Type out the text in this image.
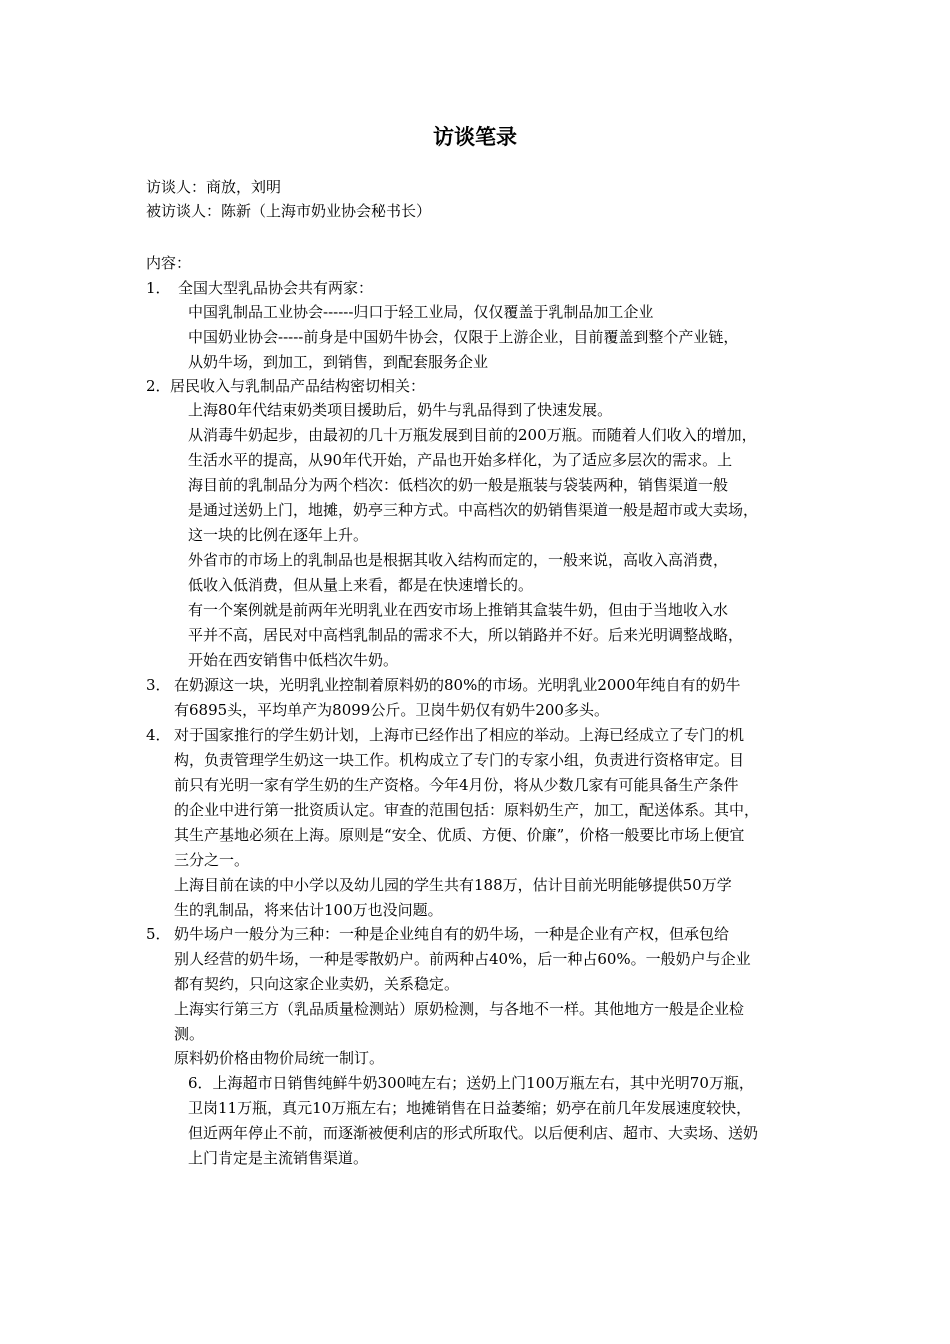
访谈笔录
访谈人：商放，刘明
被访谈人：陈新（上海市奶业协会秘书长）
内容：
1． 全国大型乳品协会共有两家：
中国乳制品工业协会------归口于轻工业局，仅仅覆盖于乳制品加工企业
中国奶业协会-----前身是中国奶牛协会，仅限于上游企业，目前覆盖到整个产业链，
从奶牛场，到加工，到销售，到配套服务企业
2． 居民收入与乳制品产品结构密切相关：
上海80年代结束奶类项目援助后，奶牛与乳品得到了快速发展。
从消毒牛奶起步，由最初的几十万瓶发展到目前的200万瓶。而随着人们收入的增加，
生活水平的提高，从90年代开始，产品也开始多样化，为了适应多层次的需求。上
海目前的乳制品分为两个档次：低档次的奶一般是瓶装与袋装两种，销售渠道一般
是通过送奶上门，地摊，奶亭三种方式。中高档次的奶销售渠道一般是超市或大卖场，
这一块的比例在逐年上升。
外省市的市场上的乳制品也是根据其收入结构而定的，一般来说，高收入高消费，
低收入低消费，但从量上来看，都是在快速增长的。
有一个案例就是前两年光明乳业在西安市场上推销其盒装牛奶，但由于当地收入水
平并不高，居民对中高档乳制品的需求不大，所以销路并不好。后来光明调整战略，
开始在西安销售中低档次牛奶。
3． 在奶源这一块，光明乳业控制着原料奶的80%的市场。光明乳业2000年纯自有的奶牛
有6895头，平均单产为8099公斤。卫岗牛奶仅有奶牛200多头。
4． 对于国家推行的学生奶计划，上海市已经作出了相应的举动。上海已经成立了专门的机
构，负责管理学生奶这一块工作。机构成立了专门的专家小组，负责进行资格审定。目
前只有光明一家有学生奶的生产资格。今年4月份，将从少数几家有可能具备生产条件
的企业中进行第一批资质认定。审查的范围包括：原料奶生产，加工，配送体系。其中，
其生产基地必须在上海。原则是“安全、优质、方便、价廉”，价格一般要比市场上便宜
三分之一。
上海目前在读的中小学以及幼儿园的学生共有188万，估计目前光明能够提供50万学
生的乳制品，将来估计100万也没问题。
5． 奶牛场户一般分为三种：一种是企业纯自有的奶牛场，一种是企业有产权，但承包给
别人经营的奶牛场，一种是零散奶户。前两种占40%，后一种占60%。一般奶户与企业
都有契约，只向这家企业卖奶，关系稳定。
上海实行第三方（乳品质量检测站）原奶检测，与各地不一样。其他地方一般是企业检
测。
原料奶价格由物价局统一制订。
6．上海超市日销售纯鲜牛奶300吨左右；送奶上门100万瓶左右，其中光明70万瓶，
卫岗11万瓶，真元10万瓶左右；地摊销售在日益萎缩；奶亭在前几年发展速度较快，
但近两年停止不前，而逐渐被便利店的形式所取代。以后便利店、超市、大卖场、送奶
上门肯定是主流销售渠道。
